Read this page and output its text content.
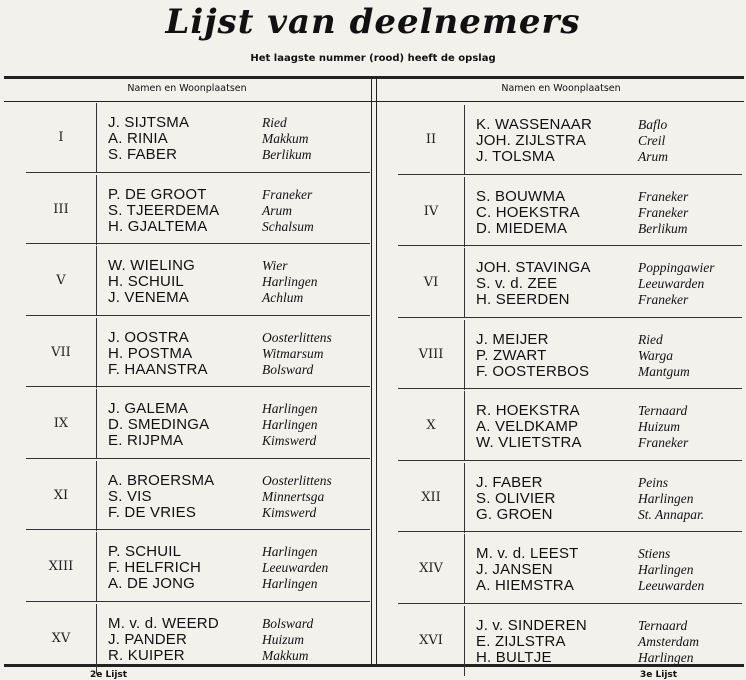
Lijst van deelnemers
Het laagste nummer (rood) heeft de opslag
Namen en Woonplaatsen	Namen en Woonplaatsen
I
J. SIJTSMA	Ried
A. RINIA	Makkum
S. FABER	Berlikum
III
P. DE GROOT	Franeker
S. TJEERDEMA	Arum
H. GJALTEMA	Schalsum
V
W. WIELING	Wier
H. SCHUIL	Harlingen
J. VENEMA	Achlum
VII
J. OOSTRA	Oosterlittens
H. POSTMA	Witmarsum
F. HAANSTRA	Bolsward
IX
J. GALEMA	Harlingen
D. SMEDINGA	Harlingen
E. RIJPMA	Kimswerd
XI
A. BROERSMA	Oosterlittens
S. VIS	Minnertsga
F. DE VRIES	Kimswerd
XIII
P. SCHUIL	Harlingen
F. HELFRICH	Leeuwarden
A. DE JONG	Harlingen
XV
M. v. d. WEERD	Bolsward
J. PANDER	Huizum
R. KUIPER	Makkum
II
K. WASSENAAR	Baflo
JOH. ZIJLSTRA	Creil
J. TOLSMA	Arum
IV
S. BOUWMA	Franeker
C. HOEKSTRA	Franeker
D. MIEDEMA	Berlikum
VI
JOH. STAVINGA	Poppingawier
S. v. d. ZEE	Leeuwarden
H. SEERDEN	Franeker
VIII
J. MEIJER	Ried
P. ZWART	Warga
F. OOSTERBOS	Mantgum
X
R. HOEKSTRA	Ternaard
A. VELDKAMP	Huizum
W. VLIETSTRA	Franeker
XII
J. FABER	Peins
S. OLIVIER	Harlingen
G. GROEN	St. Annapar.
XIV
M. v. d. LEEST	Stiens
J. JANSEN	Harlingen
A. HIEMSTRA	Leeuwarden
XVI
J. v. SINDEREN	Ternaard
E. ZIJLSTRA	Amsterdam
H. BULTJE	Harlingen
2e Lijst	3e Lijst
